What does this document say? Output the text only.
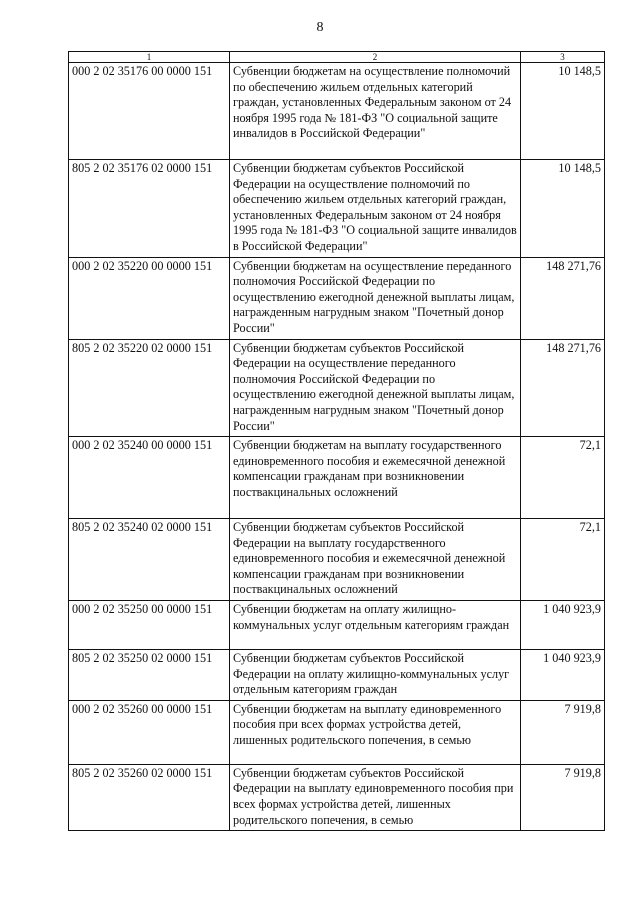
8
1	2	3
000 2 02 35176 00 0000 151	Субвенции бюджетам на осуществление полномочий по обеспечению жильем отдельных категорий граждан, установленных Федеральным законом от 24 ноября 1995 года № 181-ФЗ "О социальной защите инвалидов в Российской Федерации"	10 148,5
805 2 02 35176 02 0000 151	Субвенции бюджетам субъектов Российской Федерации на осуществление полномочий по обеспечению жильем отдельных категорий граждан, установленных Федеральным законом от 24 ноября 1995 года № 181-ФЗ "О социальной защите инвалидов в Российской Федерации"	10 148,5
000 2 02 35220 00 0000 151	Субвенции бюджетам на осуществление переданного полномочия Российской Федерации по осуществлению ежегодной денежной выплаты лицам, награжденным нагрудным знаком "Почетный донор России"	148 271,76
805 2 02 35220 02 0000 151	Субвенции бюджетам субъектов Российской Федерации на осуществление переданного полномочия Российской Федерации по осуществлению ежегодной денежной выплаты лицам, награжденным нагрудным знаком "Почетный донор России"	148 271,76
000 2 02 35240 00 0000 151	Субвенции бюджетам на выплату государственного единовременного пособия и ежемесячной денежной компенсации гражданам при возникновении поствакцинальных осложнений	72,1
805 2 02 35240 02 0000 151	Субвенции бюджетам субъектов Российской Федерации на выплату государственного единовременного пособия и ежемесячной денежной компенсации гражданам при возникновении поствакцинальных осложнений	72,1
000 2 02 35250 00 0000 151	Субвенции бюджетам на оплату жилищно-коммунальных услуг отдельным категориям граждан	1 040 923,9
805 2 02 35250 02 0000 151	Субвенции бюджетам субъектов Российской Федерации на оплату жилищно-коммунальных услуг отдельным категориям граждан	1 040 923,9
000 2 02 35260 00 0000 151	Субвенции бюджетам на выплату единовременного пособия при всех формах устройства детей, лишенных родительского попечения, в семью	7 919,8
805 2 02 35260 02 0000 151	Субвенции бюджетам субъектов Российской Федерации на выплату единовременного пособия при всех формах устройства детей, лишенных родительского попечения, в семью	7 919,8
